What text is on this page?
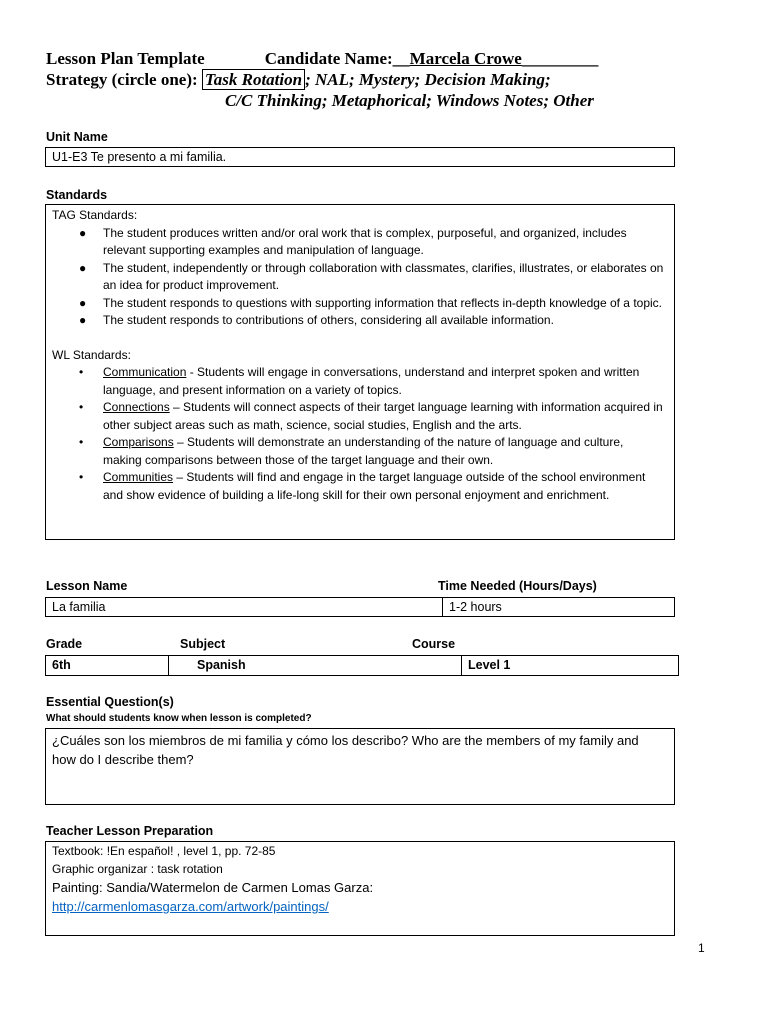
Lesson Plan Template	Candidate Name:__Marcela Crowe_________
Strategy (circle one): Task Rotation ; NAL; Mystery; Decision Making;
C/C Thinking; Metaphorical; Windows Notes; Other
Unit Name
U1-E3 Te presento a mi familia.
Standards
TAG Standards:
● The student produces written and/or oral work that is complex, purposeful, and organized, includes relevant supporting examples and manipulation of language.
● The student, independently or through collaboration with classmates, clarifies, illustrates, or elaborates on an idea for product improvement.
● The student responds to questions with supporting information that reflects in-depth knowledge of a topic.
● The student responds to contributions of others, considering all available information.
WL Standards:
• Communication - Students will engage in conversations, understand and interpret spoken and written language, and present information on a variety of topics.
• Connections – Students will connect aspects of their target language learning with information acquired in other subject areas such as math, science, social studies, English and the arts.
• Comparisons – Students will demonstrate an understanding of the nature of language and culture, making comparisons between those of the target language and their own.
• Communities – Students will find and engage in the target language outside of the school environment and show evidence of building a life-long skill for their own personal enjoyment and enrichment.
Lesson Name	Time Needed (Hours/Days)
La familia	1-2 hours
Grade	Subject	Course
6th	Spanish	Level 1
Essential Question(s)
What should students know when lesson is completed?
¿Cuáles son los miembros de mi familia y cómo los describo? Who are the members of my family and how do I describe them?
Teacher Lesson Preparation
Textbook: !En español! , level 1, pp. 72-85
Graphic organizar : task rotation
Painting: Sandia/Watermelon de Carmen Lomas Garza:
http://carmenlomasgarza.com/artwork/paintings/
1
